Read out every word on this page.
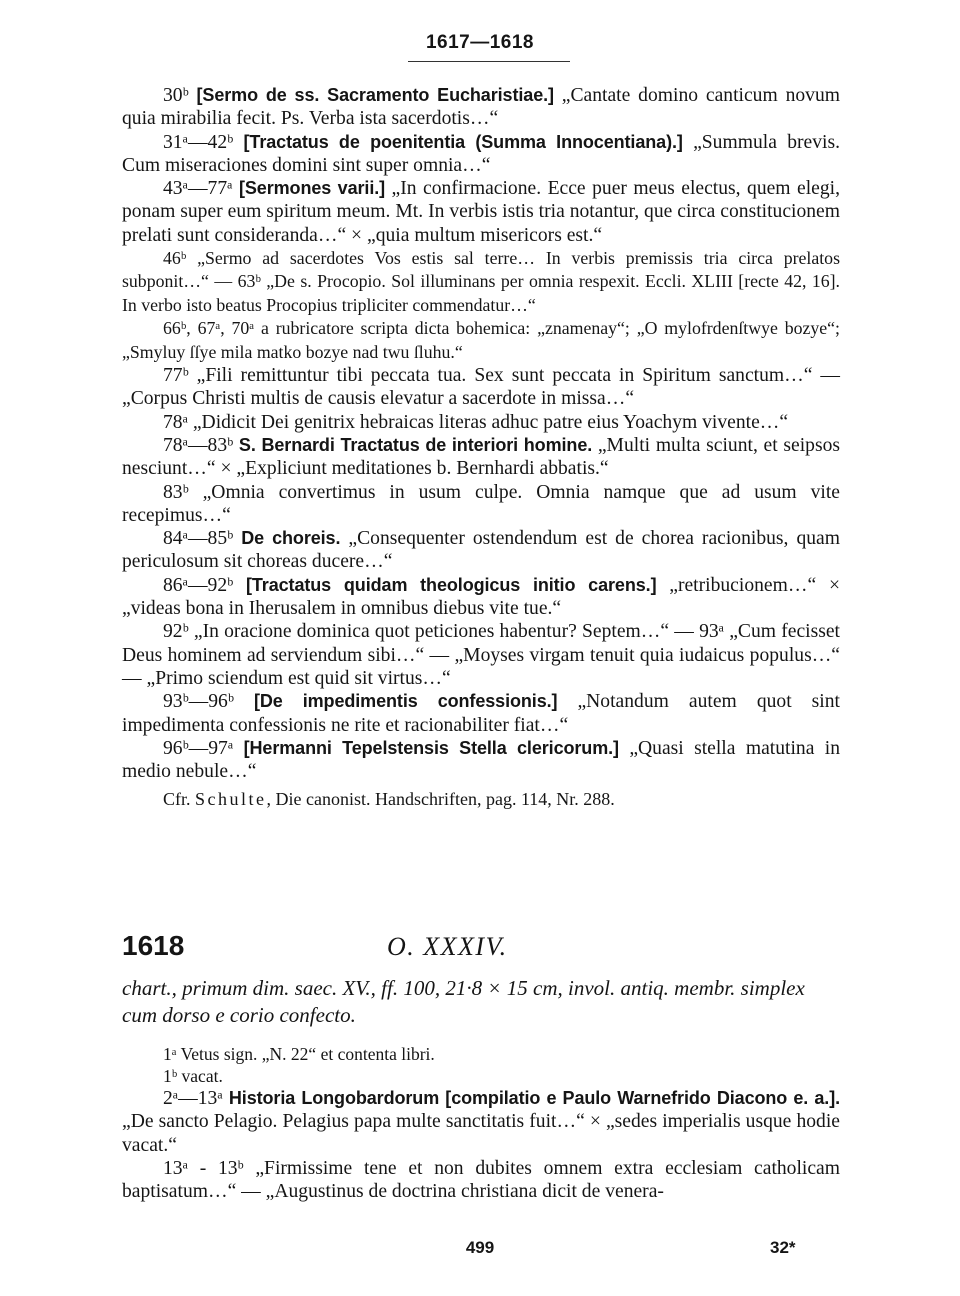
1617—1618

30ᵇ [Sermo de ss. Sacramento Eucharistiae.] „Cantate domino canticum novum quia mirabilia fecit. Ps. Verba ista sacerdotis…“

31ᵃ—42ᵇ [Tractatus de poenitentia (Summa Innocentiana).] „Summula brevis. Cum miseraciones domini sint super omnia…“

43ᵃ—77ᵃ [Sermones varii.] „In confirmacione. Ecce puer meus electus, quem elegi, ponam super eum spiritum meum. Mt. In verbis istis tria notantur, que circa constitucionem prelati sunt consideranda…“ × „quia multum misericors est.“

46ᵇ „Sermo ad sacerdotes Vos estis sal terre… In verbis premissis tria circa prelatos subponit…“ — 63ᵇ „De s. Procopio. Sol illuminans per omnia respexit. Eccli. XLIII [recte 42, 16]. In verbo isto beatus Procopius tripliciter commendatur…“

66ᵇ, 67ᵃ, 70ᵃ a rubricatore scripta dicta bohemica: „znamenay“; „O mylofrdenſtwye bozye“; „Smyluy ſſye mila matko bozye nad twu ſluhu.“

77ᵇ „Fili remittuntur tibi peccata tua. Sex sunt peccata in Spiritum sanctum…“ — „Corpus Christi multis de causis elevatur a sacerdote in missa…“

78ᵃ „Didicit Dei genitrix hebraicas literas adhuc patre eius Yoachym vivente…“

78ᵃ—83ᵇ S. Bernardi Tractatus de interiori homine. „Multi multa sciunt, et seipsos nesciunt…“ × „Expliciunt meditationes b. Bernhardi abbatis.“

83ᵇ „Omnia convertimus in usum culpe. Omnia namque que ad usum vite recepimus…“

84ᵃ—85ᵇ De choreis. „Consequenter ostendendum est de chorea racionibus, quam periculosum sit choreas ducere…“

86ᵃ—92ᵇ [Tractatus quidam theologicus initio carens.] „retribucionem…“ × „videas bona in Iherusalem in omnibus diebus vite tue.“

92ᵇ „In oracione dominica quot peticiones habentur? Septem…“ — 93ᵃ „Cum fecisset Deus hominem ad serviendum sibi…“ — „Moyses virgam tenuit quia iudaicus populus…“ — „Primo sciendum est quid sit virtus…“

93ᵇ—96ᵇ [De impedimentis confessionis.] „Notandum autem quot sint impedimenta confessionis ne rite et racionabiliter fiat…“

96ᵇ—97ᵃ [Hermanni Tepelstensis Stella clericorum.] „Quasi stella matutina in medio nebule…“

Cfr. Schulte, Die canonist. Handschriften, pag. 114, Nr. 288.

1618	O. XXXIV.

chart., primum dim. saec. XV., ff. 100, 21·8 × 15 cm, invol. antiq. membr. simplex cum dorso e corio confecto.

1ᵃ Vetus sign. „N. 22“ et contenta libri.

1ᵇ vacat.

2ᵃ—13ᵃ Historia Longobardorum [compilatio e Paulo Warnefrido Diacono e. a.]. „De sancto Pelagio. Pelagius papa multe sanctitatis fuit…“ × „sedes imperialis usque hodie vacat.“

13ᵃ - 13ᵇ „Firmissime tene et non dubites omnem extra ecclesiam catholicam baptisatum…“ — „Augustinus de doctrina christiana dicit de venera-

499	32*
